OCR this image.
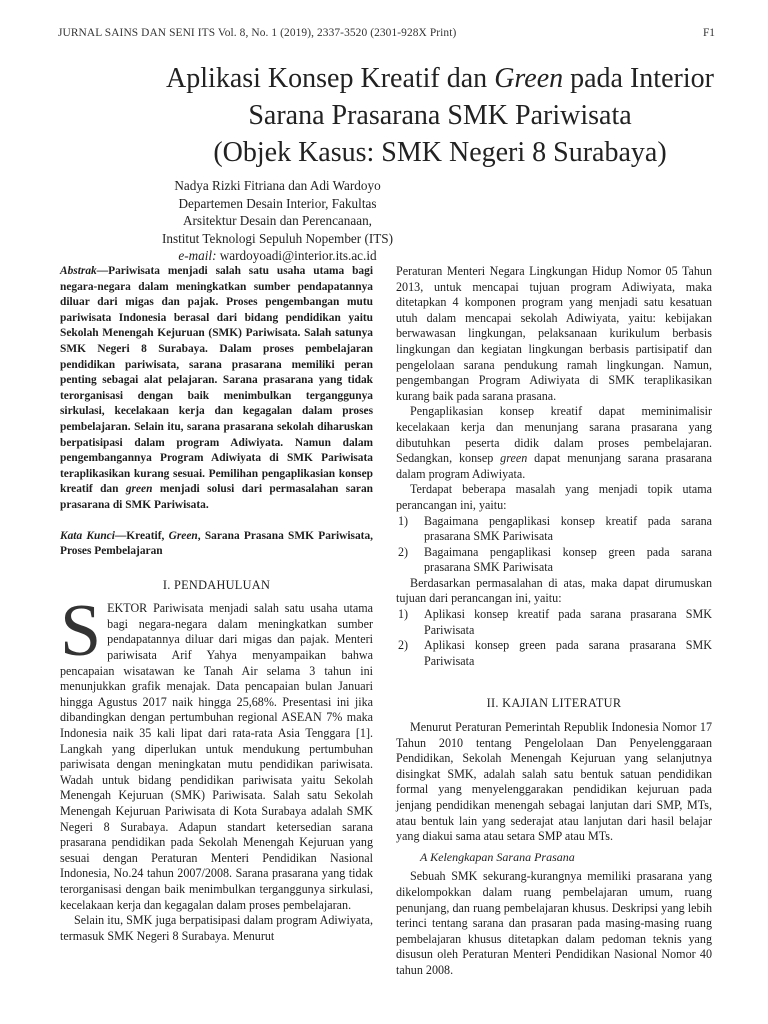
JURNAL SAINS DAN SENI ITS Vol. 8, No. 1 (2019), 2337-3520 (2301-928X Print)	F1
Aplikasi Konsep Kreatif dan Green pada Interior
Sarana Prasarana SMK Pariwisata
(Objek Kasus: SMK Negeri 8 Surabaya)
Nadya Rizki Fitriana dan Adi Wardoyo
Departemen Desain Interior, Fakultas
Arsitektur Desain dan Perencanaan,
Institut Teknologi Sepuluh Nopember (ITS)
e-mail: wardoyoadi@interior.its.ac.id

Abstrak—Pariwisata menjadi salah satu usaha utama bagi negara-negara dalam meningkatkan sumber pendapatannya diluar dari migas dan pajak. Proses pengembangan mutu pariwisata Indonesia berasal dari bidang pendidikan yaitu Sekolah Menengah Kejuruan (SMK) Pariwisata. Salah satunya SMK Negeri 8 Surabaya. Dalam proses pembelajaran pendidikan pariwisata, sarana prasarana memiliki peran penting sebagai alat pelajaran. Sarana prasarana yang tidak terorganisasi dengan baik menimbulkan terganggunya sirkulasi, kecelakaan kerja dan kegagalan dalam proses pembelajaran. Selain itu, sarana prasarana sekolah diharuskan berpatisipasi dalam program Adiwiyata. Namun dalam pengembangannya Program Adiwiyata di SMK Pariwisata teraplikasikan kurang sesuai. Pemilihan pengaplikasian konsep kreatif dan green menjadi solusi dari permasalahan saran prasarana di SMK Pariwisata.

Kata Kunci—Kreatif, Green, Sarana Prasana SMK Pariwisata, Proses Pembelajaran

I. PENDAHULUAN

SEKTOR Pariwisata menjadi salah satu usaha utama bagi negara-negara dalam meningkatkan sumber pendapatannya diluar dari migas dan pajak. Menteri pariwisata Arif Yahya menyampaikan bahwa pencapaian wisatawan ke Tanah Air selama 3 tahun ini menunjukkan grafik menajak. Data pencapaian bulan Januari hingga Agustus 2017 naik hingga 25,68%. Presentasi ini jika dibandingkan dengan pertumbuhan regional ASEAN 7% maka Indonesia naik 35 kali lipat dari rata-rata Asia Tenggara [1]. Langkah yang diperlukan untuk mendukung pertumbuhan pariwisata dengan meningkatan mutu pendidikan pariwisata. Wadah untuk bidang pendidikan pariwisata yaitu Sekolah Menengah Kejuruan (SMK) Pariwisata. Salah satu Sekolah Menengah Kejuruan Pariwisata di Kota Surabaya adalah SMK Negeri 8 Surabaya. Adapun standart ketersedian sarana prasarana pendidikan pada Sekolah Menengah Kejuruan yang sesuai dengan Peraturan Menteri Pendidikan Nasional Indonesia, No.24 tahun 2007/2008. Sarana prasarana yang tidak terorganisasi dengan baik menimbulkan terganggunya sirkulasi, kecelakaan kerja dan kegagalan dalam proses pembelajaran.

Selain itu, SMK juga berpatisipasi dalam program Adiwiyata, termasuk SMK Negeri 8 Surabaya. Menurut

Peraturan Menteri Negara Lingkungan Hidup Nomor 05 Tahun 2013, untuk mencapai tujuan program Adiwiyata, maka ditetapkan 4 komponen program yang menjadi satu kesatuan utuh dalam mencapai sekolah Adiwiyata, yaitu: kebijakan berwawasan lingkungan, pelaksanaan kurikulum berbasis lingkungan dan kegiatan lingkungan berbasis partisipatif dan pengelolaan sarana pendukung ramah lingkungan. Namun, pengembangan Program Adiwiyata di SMK teraplikasikan kurang baik pada sarana prasana.

Pengaplikasian konsep kreatif dapat meminimalisir kecelakaan kerja dan menunjang sarana prasarana yang dibutuhkan peserta didik dalam proses pembelajaran. Sedangkan, konsep green dapat menunjang sarana prasarana dalam program Adiwiyata.

Terdapat beberapa masalah yang menjadi topik utama perancangan ini, yaitu:

1) Bagaimana pengaplikasi konsep kreatif pada sarana prasarana SMK Pariwisata
2) Bagaimana pengaplikasi konsep green pada sarana prasarana SMK Pariwisata

Berdasarkan permasalahan di atas, maka dapat dirumuskan tujuan dari perancangan ini, yaitu:

1) Aplikasi konsep kreatif pada sarana prasarana SMK Pariwisata
2) Aplikasi konsep green pada sarana prasarana SMK Pariwisata
II. KAJIAN LITERATUR

Menurut Peraturan Pemerintah Republik Indonesia Nomor 17 Tahun 2010 tentang Pengelolaan Dan Penyelenggaraan Pendidikan, Sekolah Menengah Kejuruan yang selanjutnya disingkat SMK, adalah salah satu bentuk satuan pendidikan formal yang menyelenggarakan pendidikan kejuruan pada jenjang pendidikan menengah sebagai lanjutan dari SMP, MTs, atau bentuk lain yang sederajat atau lanjutan dari hasil belajar yang diakui sama atau setara SMP atau MTs.

A Kelengkapan Sarana Prasana

Sebuah SMK sekurang-kurangnya memiliki prasarana yang dikelompokkan dalam ruang pembelajaran umum, ruang penunjang, dan ruang pembelajaran khusus. Deskripsi yang lebih terinci tentang sarana dan prasaran pada masing-masing ruang pembelajaran khusus ditetapkan dalam pedoman teknis yang disusun oleh Peraturan Menteri Pendidikan Nasional Nomor 40 tahun 2008.
